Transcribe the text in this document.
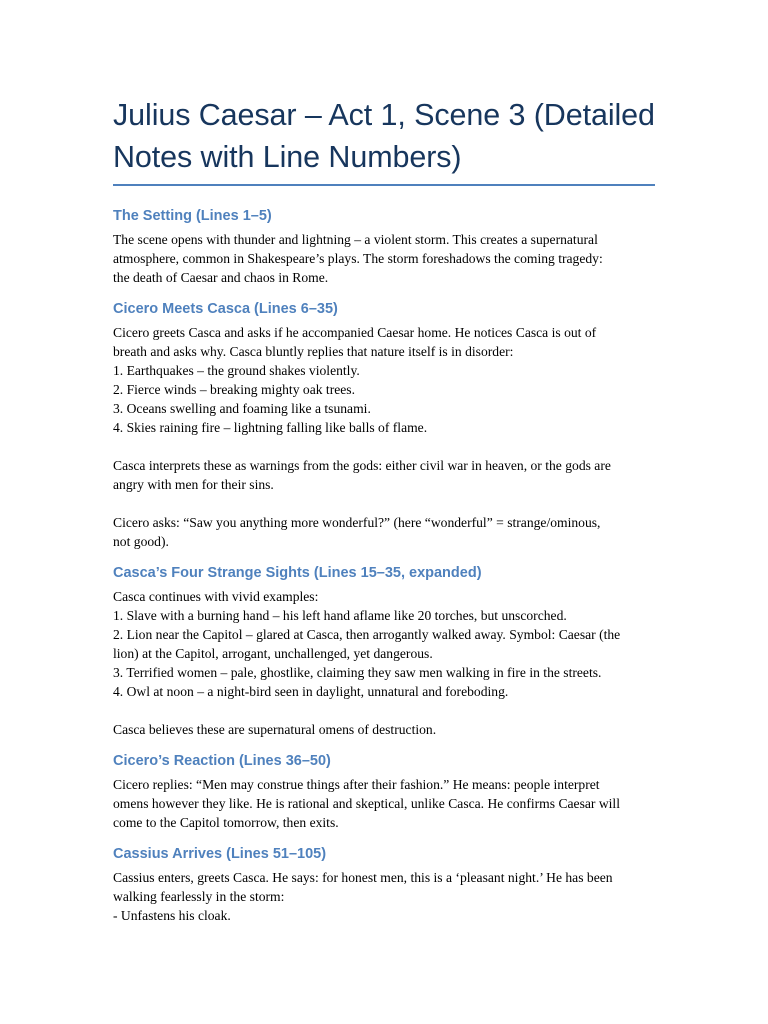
Julius Caesar – Act 1, Scene 3 (Detailed Notes with Line Numbers)
The Setting (Lines 1–5)

The scene opens with thunder and lightning – a violent storm. This creates a supernatural
atmosphere, common in Shakespeare’s plays. The storm foreshadows the coming tragedy:
the death of Caesar and chaos in Rome.

Cicero Meets Casca (Lines 6–35)

Cicero greets Casca and asks if he accompanied Caesar home. He notices Casca is out of
breath and asks why. Casca bluntly replies that nature itself is in disorder:
1. Earthquakes – the ground shakes violently.
2. Fierce winds – breaking mighty oak trees.
3. Oceans swelling and foaming like a tsunami.
4. Skies raining fire – lightning falling like balls of flame.

Casca interprets these as warnings from the gods: either civil war in heaven, or the gods are
angry with men for their sins.

Cicero asks: “Saw you anything more wonderful?” (here “wonderful” = strange/ominous,
not good).

Casca’s Four Strange Sights (Lines 15–35, expanded)

Casca continues with vivid examples:
1. Slave with a burning hand – his left hand aflame like 20 torches, but unscorched.
2. Lion near the Capitol – glared at Casca, then arrogantly walked away. Symbol: Caesar (the
lion) at the Capitol, arrogant, unchallenged, yet dangerous.
3. Terrified women – pale, ghostlike, claiming they saw men walking in fire in the streets.
4. Owl at noon – a night-bird seen in daylight, unnatural and foreboding.

Casca believes these are supernatural omens of destruction.

Cicero’s Reaction (Lines 36–50)

Cicero replies: “Men may construe things after their fashion.” He means: people interpret
omens however they like. He is rational and skeptical, unlike Casca. He confirms Caesar will
come to the Capitol tomorrow, then exits.

Cassius Arrives (Lines 51–105)

Cassius enters, greets Casca. He says: for honest men, this is a ‘pleasant night.’ He has been
walking fearlessly in the storm:
- Unfastens his cloak.
